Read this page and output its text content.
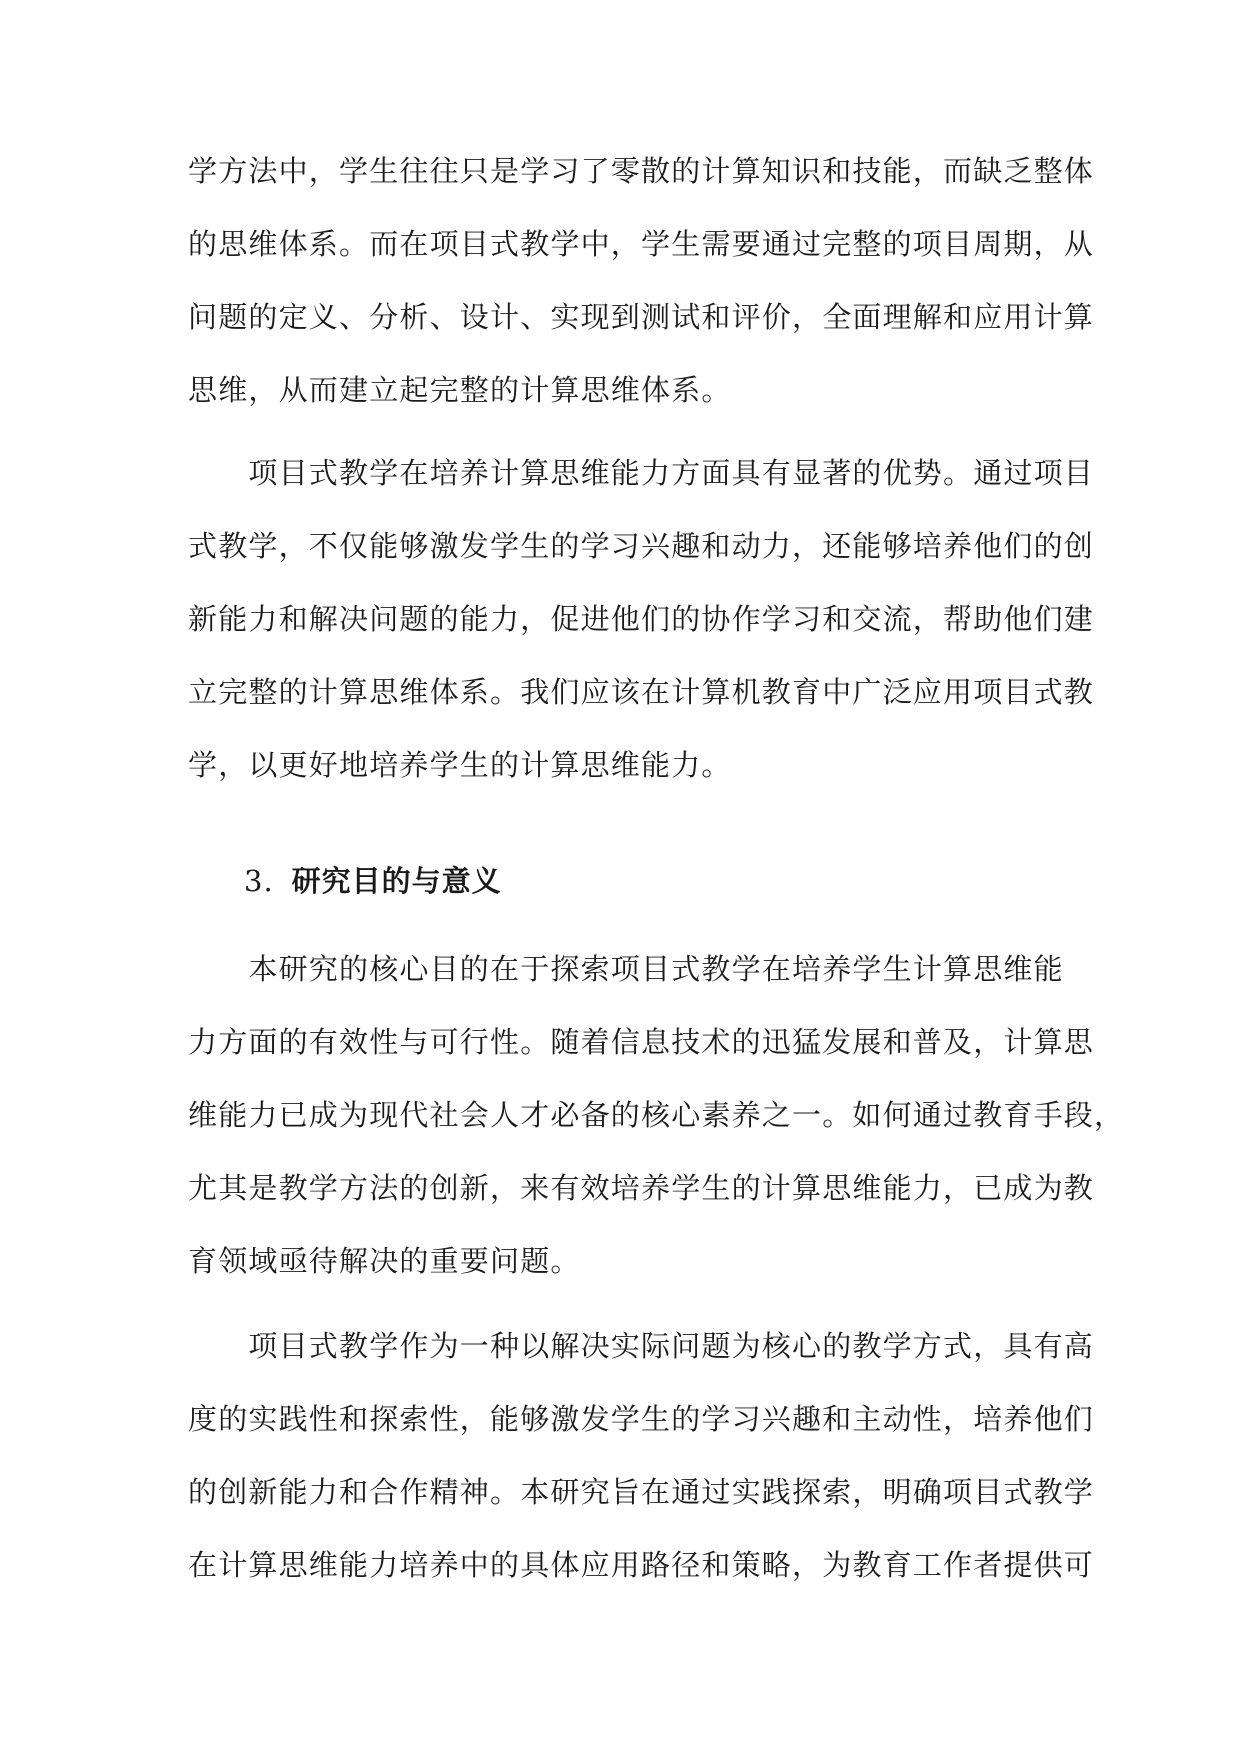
学方法中，学生往往只是学习了零散的计算知识和技能，而缺乏整体
的思维体系。而在项目式教学中，学生需要通过完整的项目周期，从
问题的定义、分析、设计、实现到测试和评价，全面理解和应用计算
思维，从而建立起完整的计算思维体系。
　　项目式教学在培养计算思维能力方面具有显著的优势。通过项目
式教学，不仅能够激发学生的学习兴趣和动力，还能够培养他们的创
新能力和解决问题的能力，促进他们的协作学习和交流，帮助他们建
立完整的计算思维体系。我们应该在计算机教育中广泛应用项目式教
学，以更好地培养学生的计算思维能力。
3. 研究目的与意义
　　本研究的核心目的在于探索项目式教学在培养学生计算思维能
力方面的有效性与可行性。随着信息技术的迅猛发展和普及，计算思
维能力已成为现代社会人才必备的核心素养之一。如何通过教育手段，
尤其是教学方法的创新，来有效培养学生的计算思维能力，已成为教
育领域亟待解决的重要问题。
　　项目式教学作为一种以解决实际问题为核心的教学方式，具有高
度的实践性和探索性，能够激发学生的学习兴趣和主动性，培养他们
的创新能力和合作精神。本研究旨在通过实践探索，明确项目式教学
在计算思维能力培养中的具体应用路径和策略，为教育工作者提供可
